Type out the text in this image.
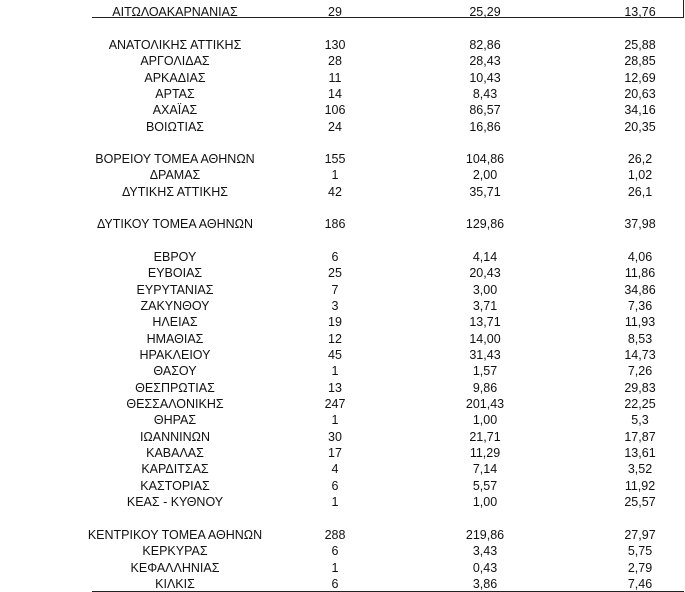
ΑΙΤΩΛΟΑΚΑΡΝΑΝΙΑΣ	29	25,29	13,76
ΑΝΑΤΟΛΙΚΗΣ ΑΤΤΙΚΗΣ	130	82,86	25,88
ΑΡΓΟΛΙΔΑΣ	28	28,43	28,85
ΑΡΚΑΔΙΑΣ	11	10,43	12,69
ΑΡΤΑΣ	14	8,43	20,63
ΑΧΑΪΑΣ	106	86,57	34,16
ΒΟΙΩΤΙΑΣ	24	16,86	20,35
ΒΟΡΕΙΟΥ ΤΟΜΕΑ ΑΘΗΝΩΝ	155	104,86	26,2
ΔΡΑΜΑΣ	1	2,00	1,02
ΔΥΤΙΚΗΣ ΑΤΤΙΚΗΣ	42	35,71	26,1
ΔΥΤΙΚΟΥ ΤΟΜΕΑ ΑΘΗΝΩΝ	186	129,86	37,98
ΕΒΡΟΥ	6	4,14	4,06
ΕΥΒΟΙΑΣ	25	20,43	11,86
ΕΥΡΥΤΑΝΙΑΣ	7	3,00	34,86
ΖΑΚΥΝΘΟΥ	3	3,71	7,36
ΗΛΕΙΑΣ	19	13,71	11,93
ΗΜΑΘΙΑΣ	12	14,00	8,53
ΗΡΑΚΛΕΙΟΥ	45	31,43	14,73
ΘΑΣΟΥ	1	1,57	7,26
ΘΕΣΠΡΩΤΙΑΣ	13	9,86	29,83
ΘΕΣΣΑΛΟΝΙΚΗΣ	247	201,43	22,25
ΘΗΡΑΣ	1	1,00	5,3
ΙΩΑΝΝΙΝΩΝ	30	21,71	17,87
ΚΑΒΑΛΑΣ	17	11,29	13,61
ΚΑΡΔΙΤΣΑΣ	4	7,14	3,52
ΚΑΣΤΟΡΙΑΣ	6	5,57	11,92
ΚΕΑΣ - ΚΥΘΝΟΥ	1	1,00	25,57
ΚΕΝΤΡΙΚΟΥ ΤΟΜΕΑ ΑΘΗΝΩΝ	288	219,86	27,97
ΚΕΡΚΥΡΑΣ	6	3,43	5,75
ΚΕΦΑΛΛΗΝΙΑΣ	1	0,43	2,79
ΚΙΛΚΙΣ	6	3,86	7,46
